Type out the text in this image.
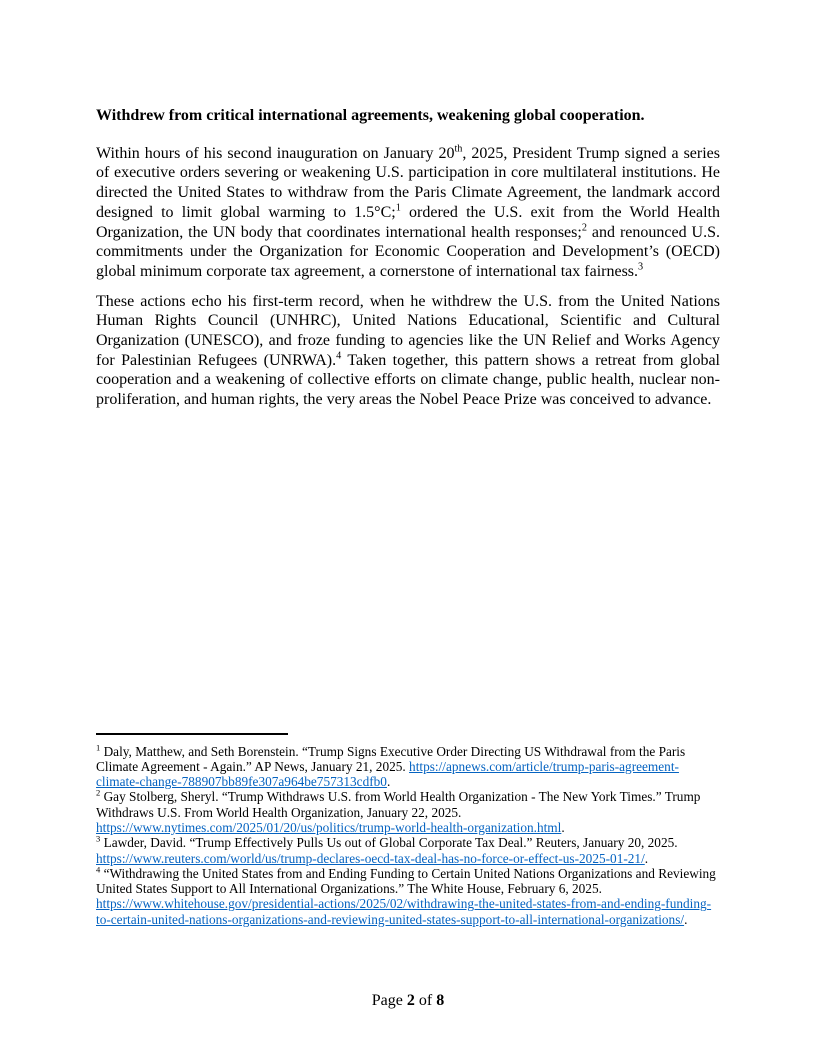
Withdrew from critical international agreements, weakening global cooperation.

Within hours of his second inauguration on January 20th, 2025, President Trump signed a series of executive orders severing or weakening U.S. participation in core multilateral institutions. He directed the United States to withdraw from the Paris Climate Agreement, the landmark accord designed to limit global warming to 1.5°C;$^1$ ordered the U.S. exit from the World Health Organization, the UN body that coordinates international health responses;$^2$ and renounced U.S. commitments under the Organization for Economic Cooperation and Development’s (OECD) global minimum corporate tax agreement, a cornerstone of international tax fairness.$^3$

These actions echo his first-term record, when he withdrew the U.S. from the United Nations Human Rights Council (UNHRC), United Nations Educational, Scientific and Cultural Organization (UNESCO), and froze funding to agencies like the UN Relief and Works Agency for Palestinian Refugees (UNRWA).$^4$ Taken together, this pattern shows a retreat from global cooperation and a weakening of collective efforts on climate change, public health, nuclear non-proliferation, and human rights, the very areas the Nobel Peace Prize was conceived to advance.

$^1$ Daly, Matthew, and Seth Borenstein. “Trump Signs Executive Order Directing US Withdrawal from the Paris Climate Agreement - Again.” AP News, January 21, 2025. https://apnews.com/article/trump-paris-agreement-climate-change-788907bb89fe307a964be757313cdfb0.
$^2$ Gay Stolberg, Sheryl. “Trump Withdraws U.S. from World Health Organization - The New York Times.” Trump Withdraws U.S. From World Health Organization, January 22, 2025. https://www.nytimes.com/2025/01/20/us/politics/trump-world-health-organization.html.
$^3$ Lawder, David. “Trump Effectively Pulls Us out of Global Corporate Tax Deal.” Reuters, January 20, 2025. https://www.reuters.com/world/us/trump-declares-oecd-tax-deal-has-no-force-or-effect-us-2025-01-21/.
$^4$ “Withdrawing the United States from and Ending Funding to Certain United Nations Organizations and Reviewing United States Support to All International Organizations.” The White House, February 6, 2025. https://www.whitehouse.gov/presidential-actions/2025/02/withdrawing-the-united-states-from-and-ending-funding-to-certain-united-nations-organizations-and-reviewing-united-states-support-to-all-international-organizations/.
Page 2 of 8
